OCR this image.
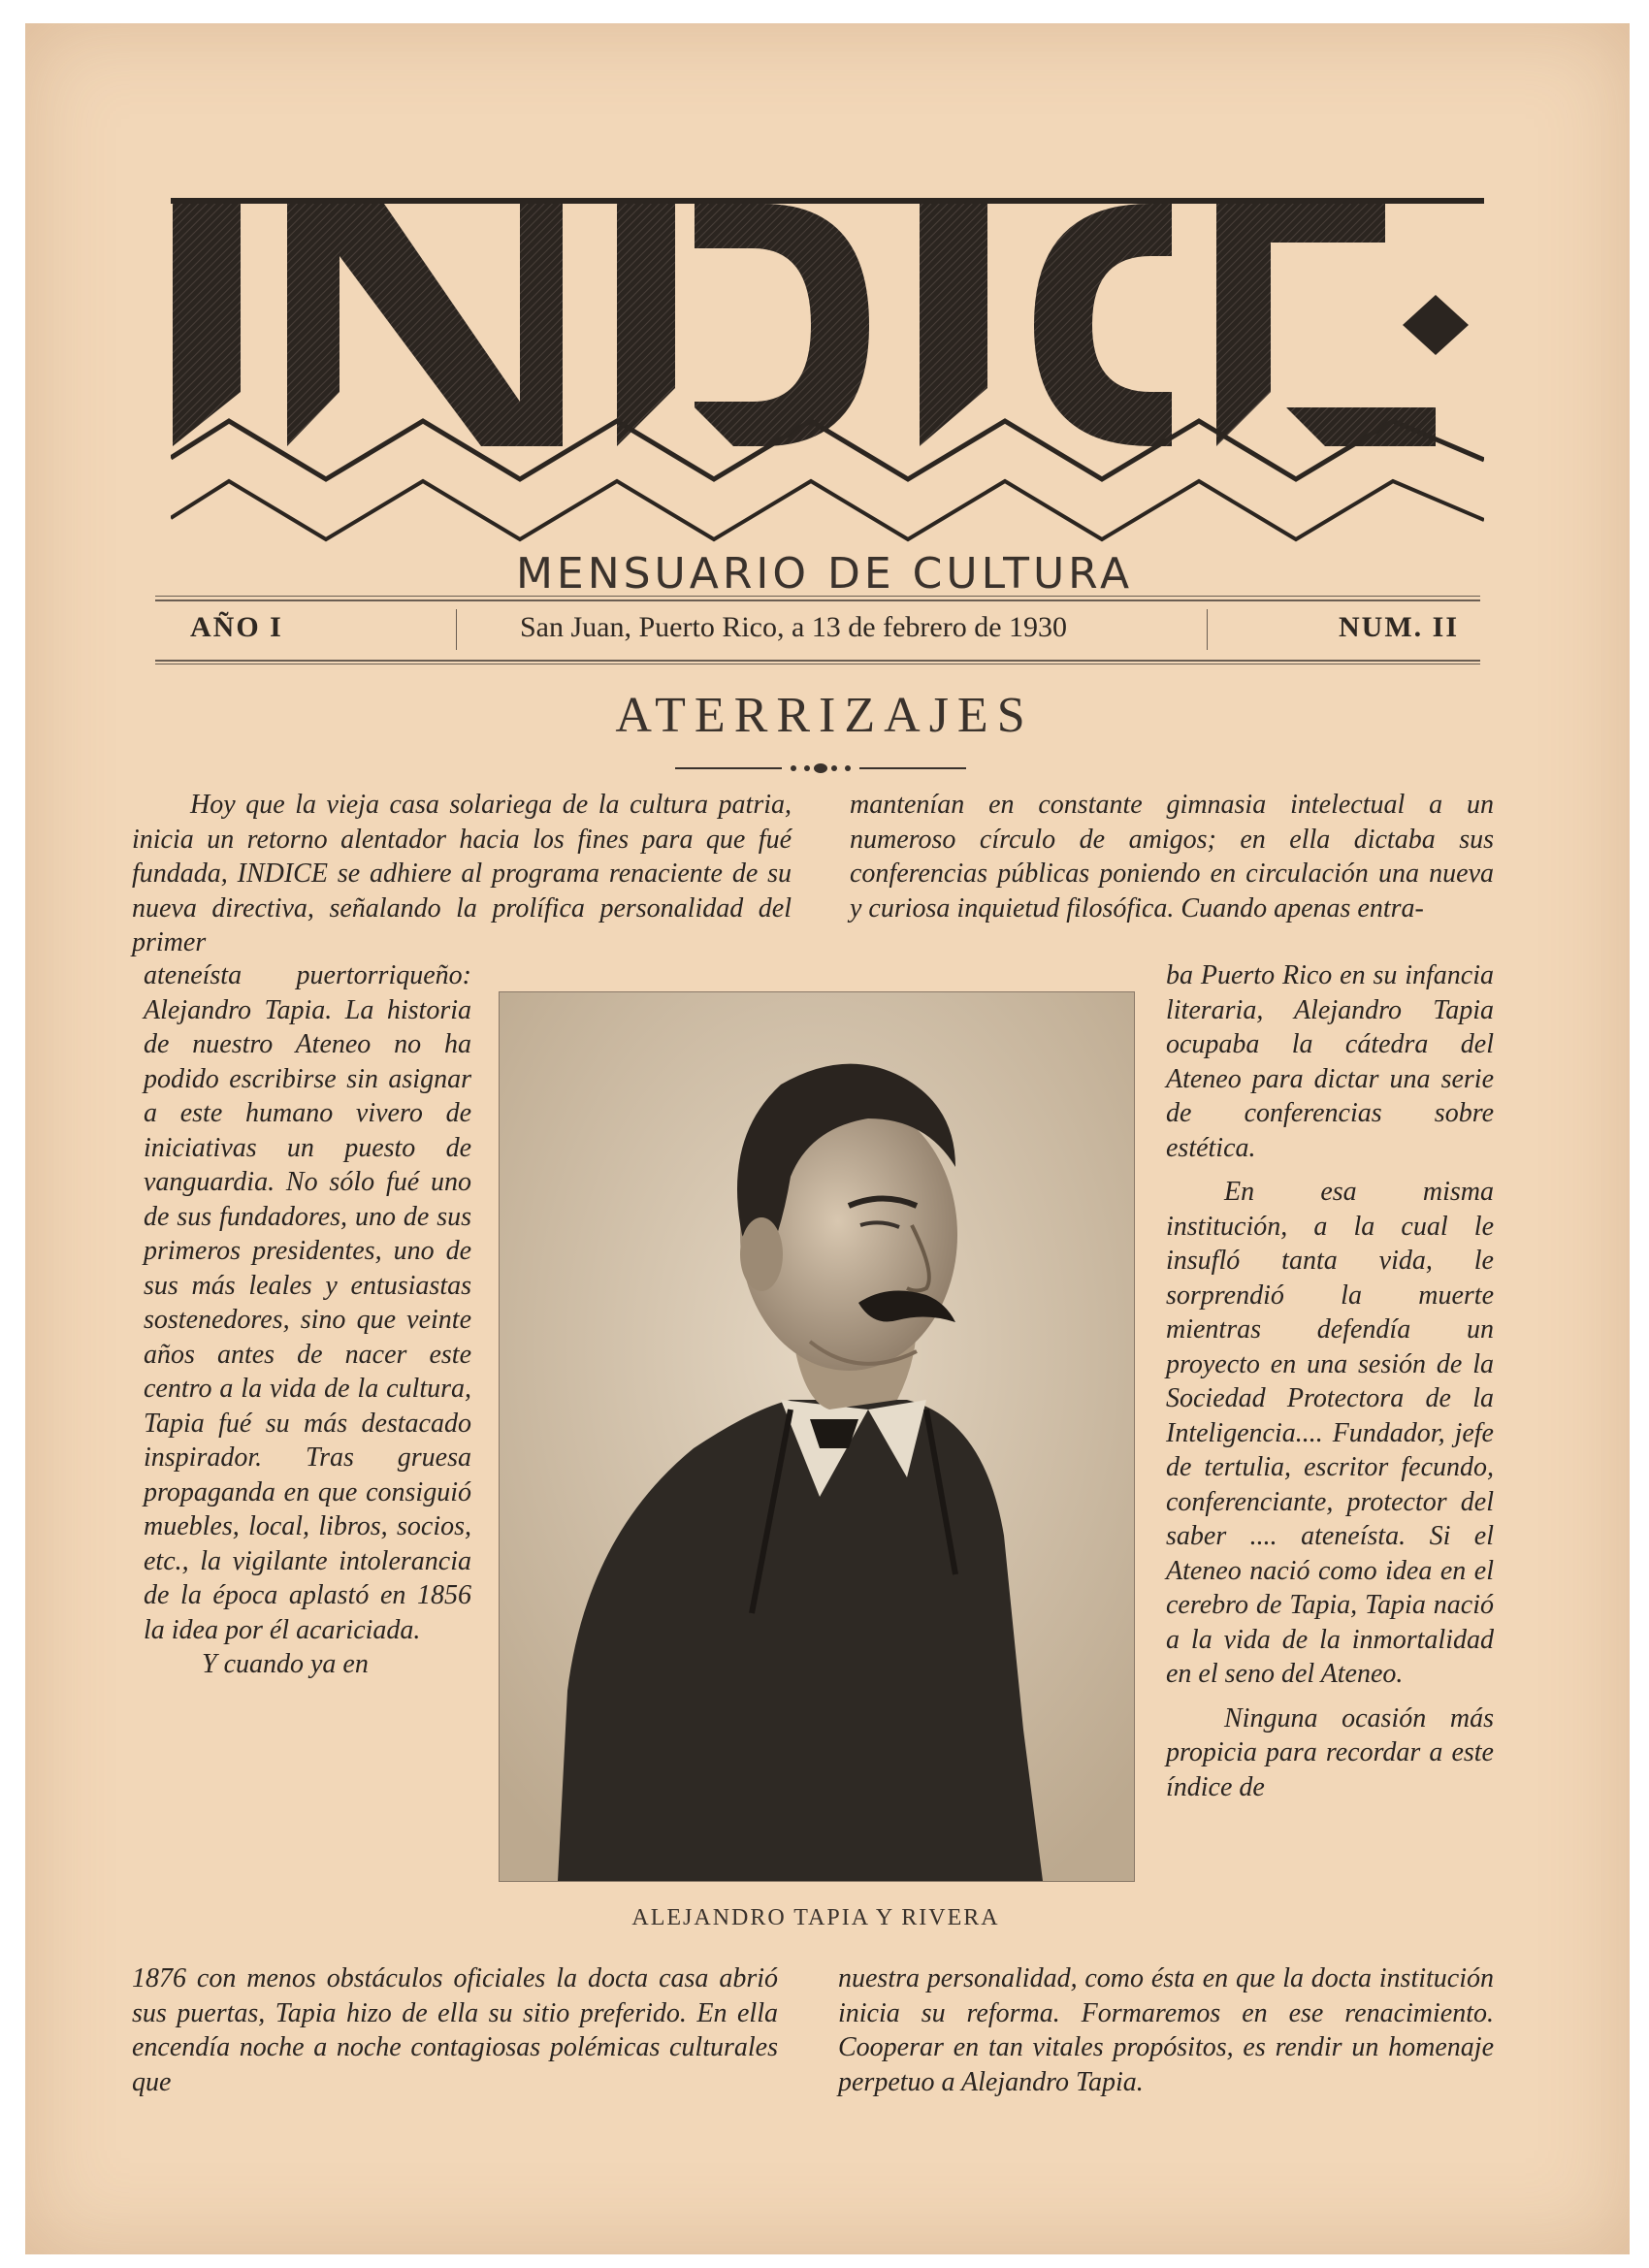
MENSUARIO DE CULTURA
AÑO I	San Juan, Puerto Rico, a 13 de febrero de 1930	NUM. II
ATERRIZAJES

Hoy que la vieja casa solariega de la cultura patria, inicia un retorno alentador hacia los fines para que fué fundada, INDICE se adhiere al programa renaciente de su nueva directiva, señalando la prolífica personalidad del primer

ateneísta puertorriqueño: Alejandro Tapia. La historia de nuestro Ateneo no ha podido escribirse sin asignar a este humano vivero de iniciativas un puesto de vanguardia. No sólo fué uno de sus fundadores, uno de sus primeros presidentes, uno de sus más leales y entusiastas sostenedores, sino que veinte años antes de nacer este centro a la vida de la cultura, Tapia fué su más destacado inspirador. Tras gruesa propaganda en que consiguió muebles, local, libros, socios, etc., la vigilante intolerancia de la época aplastó en 1856 la idea por él acariciada.

Y cuando ya en

1876 con menos obstáculos oficiales la docta casa abrió sus puertas, Tapia hizo de ella su sitio preferido. En ella encendía noche a noche contagiosas polémicas culturales que

mantenían en constante gimnasia intelectual a un numeroso círculo de amigos; en ella dictaba sus conferencias públicas poniendo en circulación una nueva y curiosa inquietud filosófica. Cuando apenas entra-

ba Puerto Rico en su infancia literaria, Alejandro Tapia ocupaba la cátedra del Ateneo para dictar una serie de conferencias sobre estética.

En esa misma institución, a la cual le insufló tanta vida, le sorprendió la muerte mientras defendía un proyecto en una sesión de la Sociedad Protectora de la Inteligencia.... Fundador, jefe de tertulia, escritor fecundo, conferenciante, protector del saber .... ateneísta. Si el Ateneo nació como idea en el cerebro de Tapia, Tapia nació a la vida de la inmortalidad en el seno del Ateneo.

Ninguna ocasión más propicia para recordar a este índice de

nuestra personalidad, como ésta en que la docta institución inicia su reforma. Formaremos en ese renacimiento. Cooperar en tan vitales propósitos, es rendir un homenaje perpetuo a Alejandro Tapia.

ALEJANDRO TAPIA Y RIVERA
